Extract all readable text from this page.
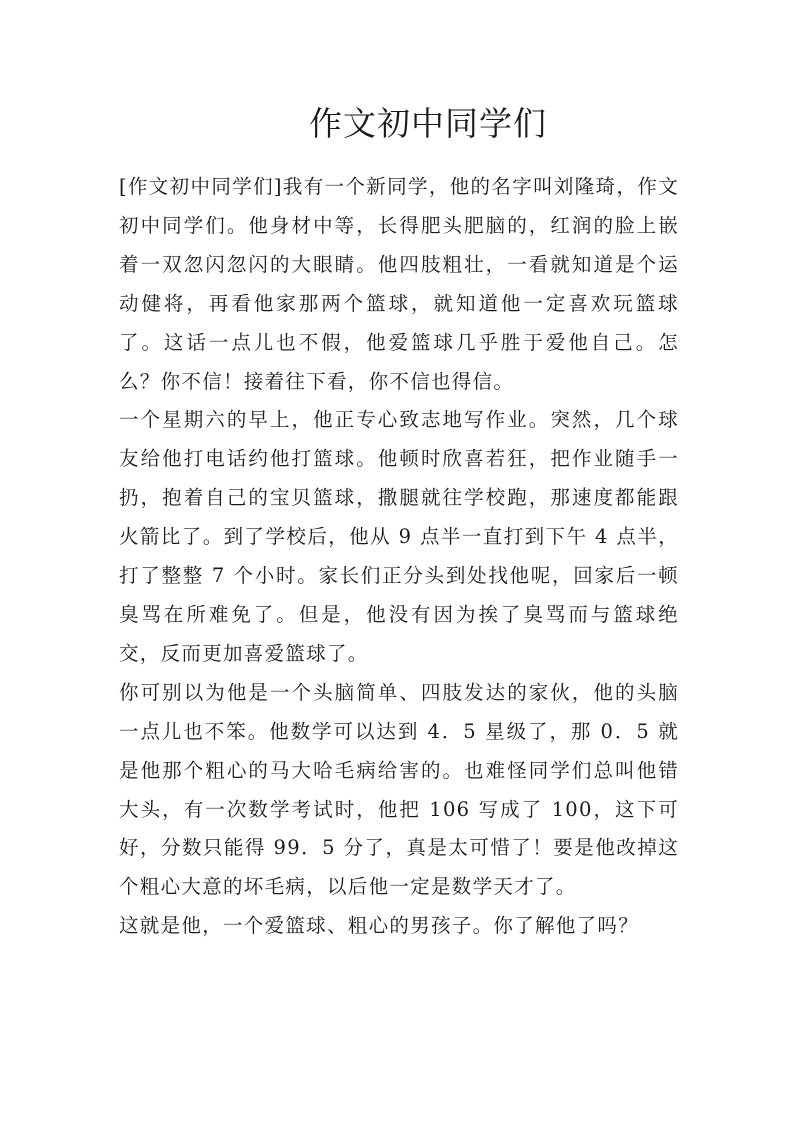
作文初中同学们

[作文初中同学们]我有一个新同学，他的名字叫刘隆琦，作文初中同学们。他身材中等，长得肥头肥脑的，红润的脸上嵌着一双忽闪忽闪的大眼睛。他四肢粗壮，一看就知道是个运动健将，再看他家那两个篮球，就知道他一定喜欢玩篮球了。这话一点儿也不假，他爱篮球几乎胜于爱他自己。怎么？你不信！接着往下看，你不信也得信。

一个星期六的早上，他正专心致志地写作业。突然，几个球友给他打电话约他打篮球。他顿时欣喜若狂，把作业随手一扔，抱着自己的宝贝篮球，撒腿就往学校跑，那速度都能跟火箭比了。到了学校后，他从 9 点半一直打到下午 4 点半，打了整整 7 个小时。家长们正分头到处找他呢，回家后一顿臭骂在所难免了。但是，他没有因为挨了臭骂而与篮球绝交，反而更加喜爱篮球了。

你可别以为他是一个头脑简单、四肢发达的家伙，他的头脑一点儿也不笨。他数学可以达到 4．5 星级了，那 0．5 就是他那个粗心的马大哈毛病给害的。也难怪同学们总叫他错大头，有一次数学考试时，他把 106 写成了 100，这下可好，分数只能得 99．5 分了，真是太可惜了！要是他改掉这个粗心大意的坏毛病，以后他一定是数学天才了。

这就是他，一个爱篮球、粗心的男孩子。你了解他了吗？
